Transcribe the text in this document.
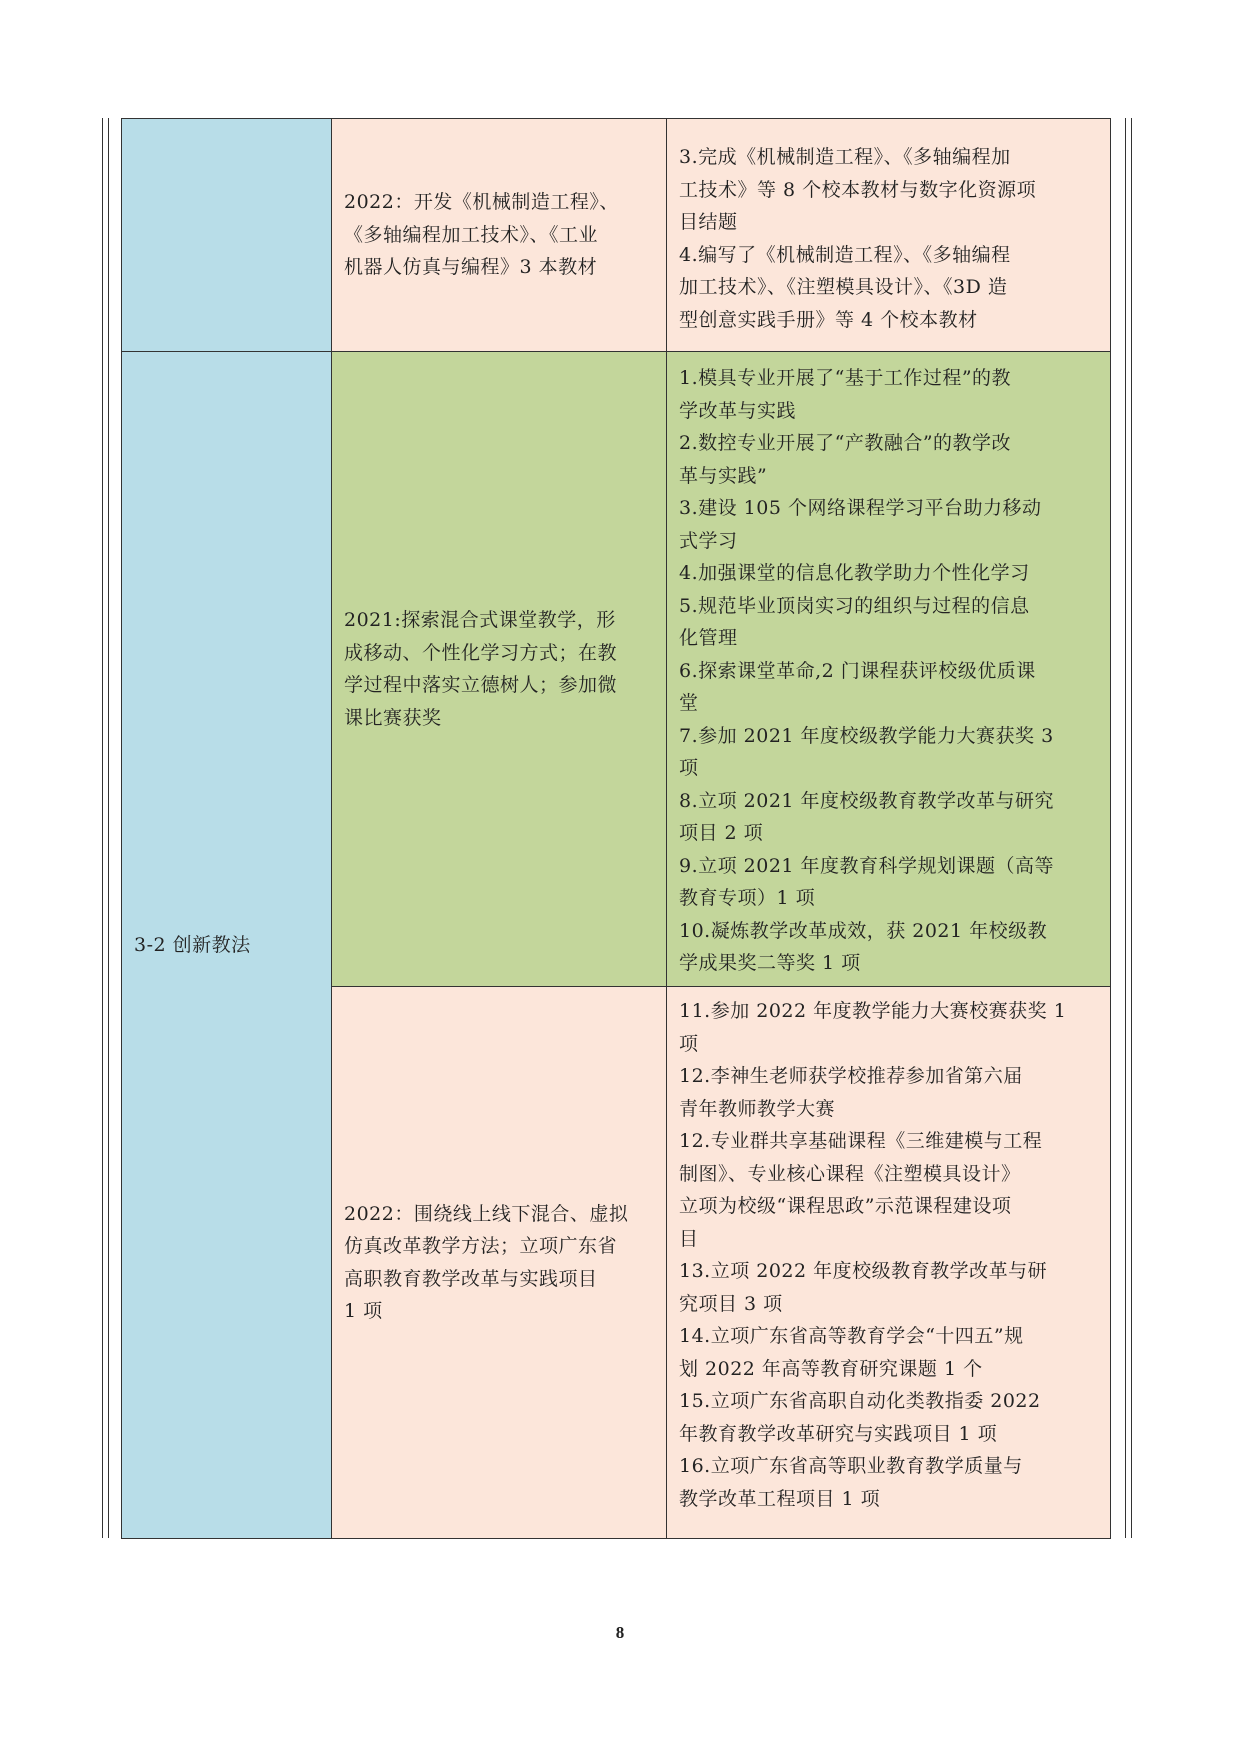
2022：开发《机械制造工程》、
《多轴编程加工技术》、《工业
机器人仿真与编程》3 本教材
3.完成《机械制造工程》、《多轴编程加
工技术》等 8 个校本教材与数字化资源项
目结题
4.编写了《机械制造工程》、《多轴编程
加工技术》、《注塑模具设计》、《3D 造
型创意实践手册》等 4 个校本教材
3-2 创新教法
2021:探索混合式课堂教学，形
成移动、个性化学习方式；在教
学过程中落实立德树人；参加微
课比赛获奖
1.模具专业开展了“基于工作过程”的教
学改革与实践
2.数控专业开展了“产教融合”的教学改
革与实践”
3.建设 105 个网络课程学习平台助力移动
式学习
4.加强课堂的信息化教学助力个性化学习
5.规范毕业顶岗实习的组织与过程的信息
化管理
6.探索课堂革命,2 门课程获评校级优质课
堂
7.参加 2021 年度校级教学能力大赛获奖 3
项
8.立项 2021 年度校级教育教学改革与研究
项目 2 项
9.立项 2021 年度教育科学规划课题（高等
教育专项）1 项
10.凝炼教学改革成效，获 2021 年校级教
学成果奖二等奖 1 项
2022：围绕线上线下混合、虚拟
仿真改革教学方法；立项广东省
高职教育教学改革与实践项目
1 项
11.参加 2022 年度教学能力大赛校赛获奖 1
项
12.李神生老师获学校推荐参加省第六届
青年教师教学大赛
12.专业群共享基础课程《三维建模与工程
制图》、专业核心课程《注塑模具设计》
立项为校级“课程思政”示范课程建设项
目
13.立项 2022 年度校级教育教学改革与研
究项目 3 项
14.立项广东省高等教育学会“十四五”规
划 2022 年高等教育研究课题 1 个
15.立项广东省高职自动化类教指委 2022
年教育教学改革研究与实践项目 1 项
16.立项广东省高等职业教育教学质量与
教学改革工程项目 1 项
8
